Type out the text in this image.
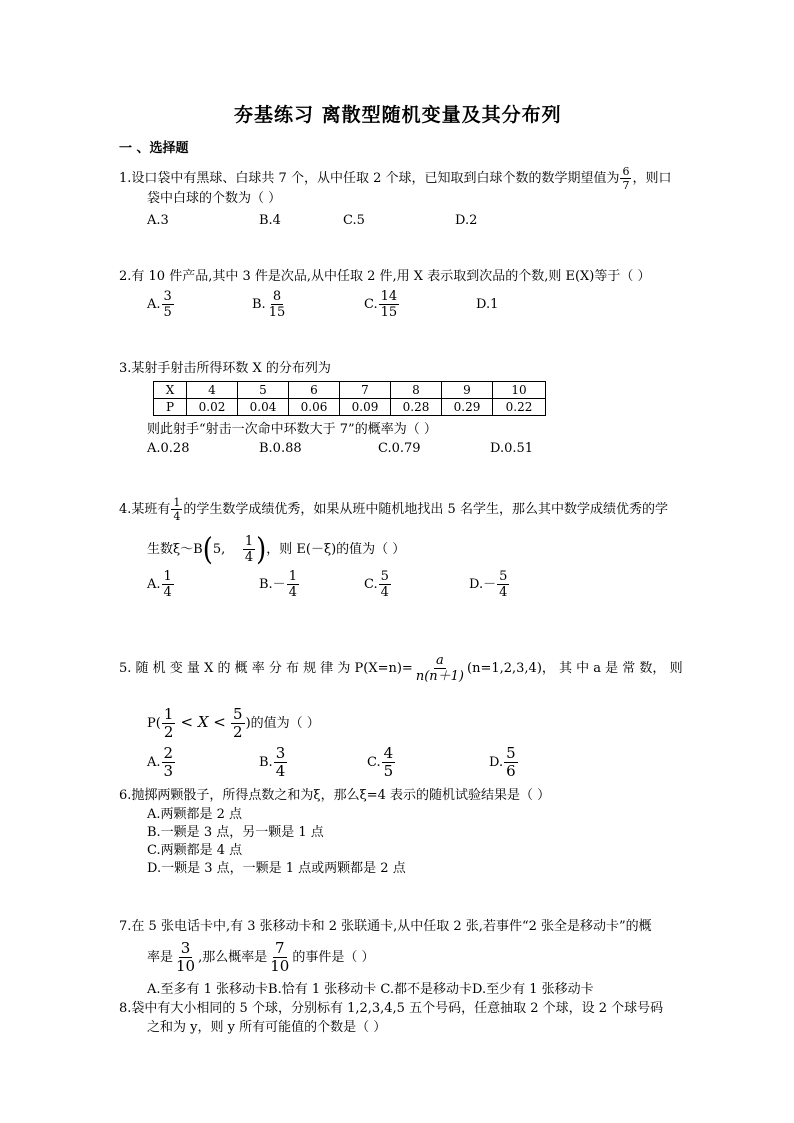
夯基练习 离散型随机变量及其分布列
一 、选择题
1.设口袋中有黑球、白球共 7 个，从中任取 2 个球，已知取到白球个数的数学期望值为 $\frac{6}{7}$ ，则口
袋中白球的个数为（ ）
A.3	B.4	C.5	D.2
2.有 10 件产品,其中 3 件是次品,从中任取 2 件,用 X 表示取到次品的个数,则 E(X)等于（ ）
A. $\frac{3}{5}$	B. $\frac{8}{15}$	C. $\frac{14}{15}$	D.1
3.某射手射击所得环数 X 的分布列为
X	4	5	6	7	8	9	10
P	0.02	0.04	0.06	0.09	0.28	0.29	0.22
则此射手“射击一次命中环数大于 7”的概率为（ ）
A.0.28	B.0.88	C.0.79	D.0.51
4.某班有 $\frac{1}{4}$ 的学生数学成绩优秀，如果从班中随机地找出 5 名学生，那么其中数学成绩优秀的学
生数ξ～B(5, $\frac{1}{4}$ )，则 E(－ξ)的值为（ ）
A. $\frac{1}{4}$	$B.- \frac{1}{4}$	C. $\frac{5}{4}$	$D.- \frac{5}{4}$
5. 随 机 变 量 X 的 概 率 分 布 规 律 为 $P(X=n)= \frac{a}{n(n+1)} (n=1,2,3,4)$， 其 中 a 是 常 数， 则
$P( \frac{1}{2} < X < \frac{5}{2}$ )的值为（ ）
A. $\frac{2}{3}$	B. $\frac{3}{4}$	C. $\frac{4}{5}$	D. $\frac{5}{6}$
6.抛掷两颗骰子，所得点数之和为ξ，那么ξ=4 表示的随机试验结果是（ ）
A.两颗都是 2 点
B.一颗是 3 点，另一颗是 1 点
C.两颗都是 4 点
D.一颗是 3 点，一颗是 1 点或两颗都是 2 点
7.在 5 张电话卡中,有 3 张移动卡和 2 张联通卡,从中任取 2 张,若事件“2 张全是移动卡”的概
率是 $\frac{3}{10}$ ,那么概率是 $\frac{7}{10}$ 的事件是（ ）
A.至多有 1 张移动卡B.恰有 1 张移动卡 C.都不是移动卡D.至少有 1 张移动卡
8.袋中有大小相同的 5 个球，分别标有 1,2,3,4,5 五个号码，任意抽取 2 个球，设 2 个球号码
之和为 y，则 y 所有可能值的个数是（ ）
